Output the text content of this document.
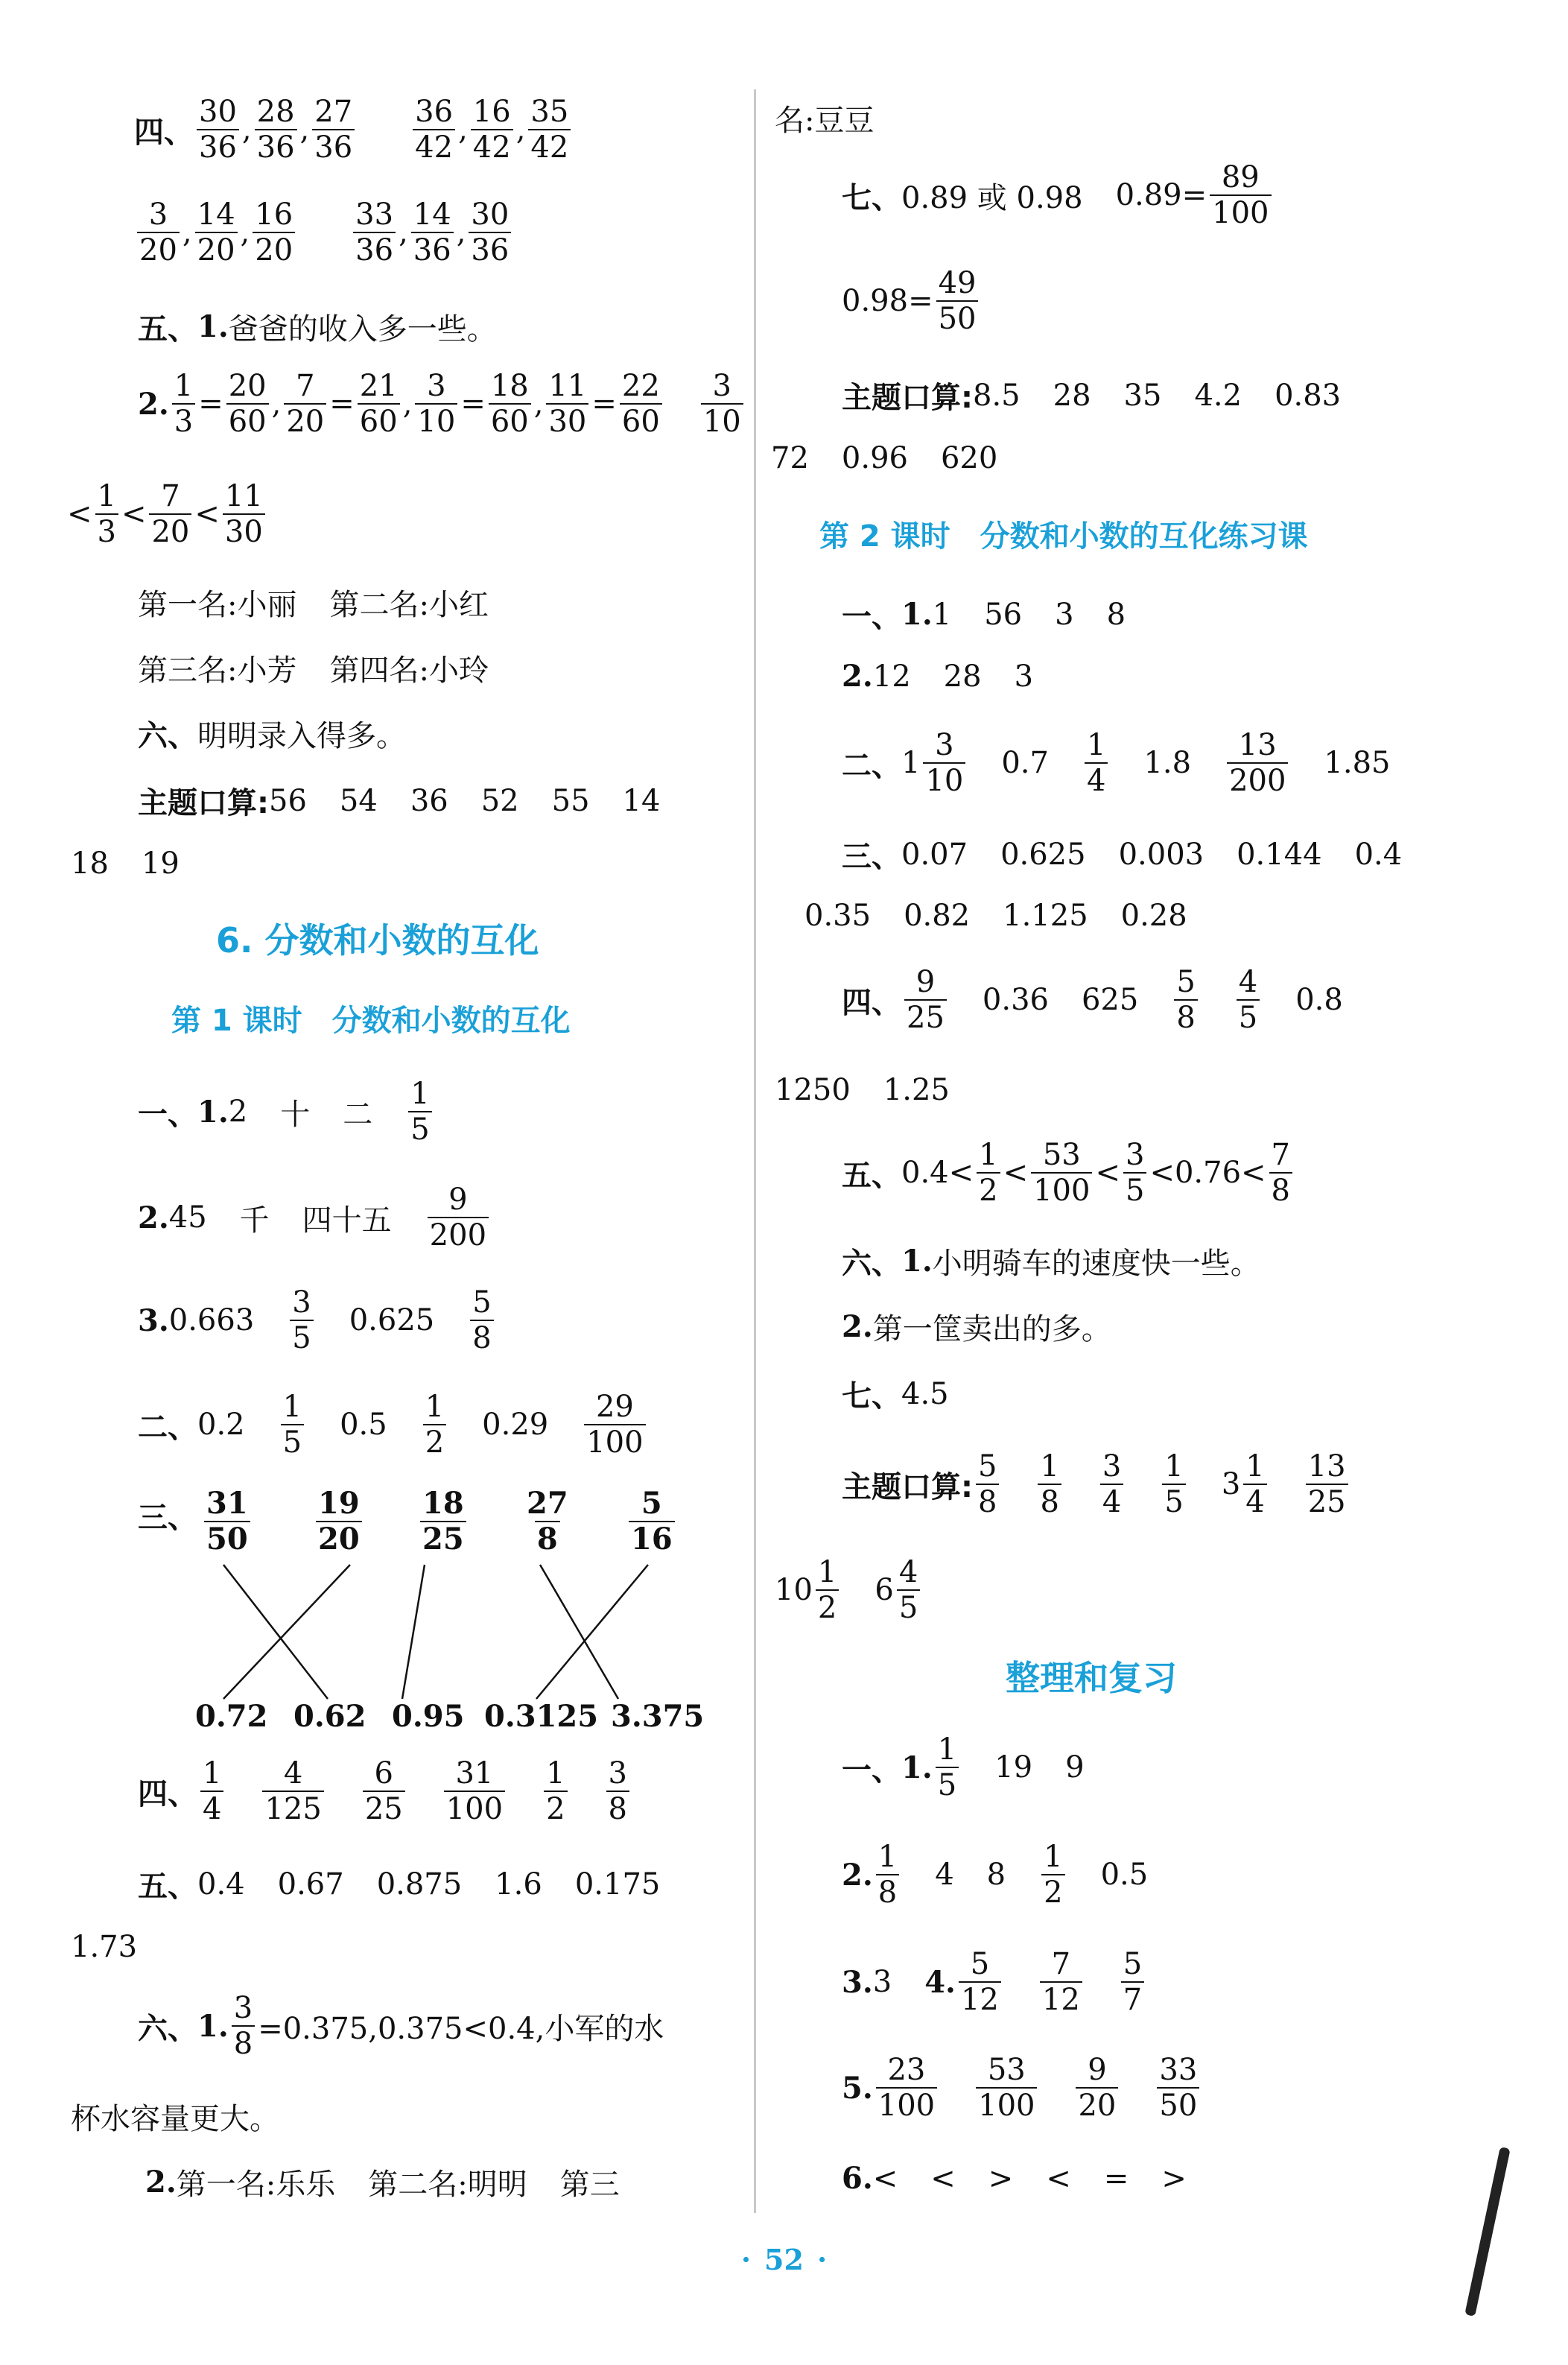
四、 $\frac{30}{36}$ , $\frac{28}{36}$ , $\frac{27}{36} \frac{36}{42}$ , $\frac{16}{42}$ , $\frac{35}{42}$
$\frac{3}{20}$ , $\frac{14}{20}$ , $\frac{16}{20} \frac{33}{36}$ , $\frac{14}{36}$ , $\frac{30}{36}$
五、 1. 爸爸的收入多一些。
2. $\frac{1}{3} = \frac{20}{60}$ , $\frac{7}{20} = \frac{21}{60}$ , $\frac{3}{10} = \frac{18}{60}$ , $\frac{11}{30} = \frac{22}{60} \frac{3}{10}$
< $\frac{1}{3} < \frac{7}{20} < \frac{11}{30}$
第一名:小丽 第二名:小红
第三名:小芳 第四名:小玲
六、 明明录入得多。
主题口算: 56 54 36 52 55 14
18 19
6. 分数和小数的互化
第 1 课时　分数和小数的互化
一、 1. 2 十 二 $\frac{1}{5}$
2. 45 千 四十五 $\frac{9}{200}$
3. $0.663 \frac{3}{5} 0.625 \frac{5}{8}$
二、 $0.2 \frac{1}{5} 0.5 \frac{1}{2} 0.29 \frac{29}{100}$
三、 $\frac{31}{50} \frac{19}{20} \frac{18}{25} \frac{27}{8} \frac{5}{16}$
0.72 0.62 0.95 0.3125 3.375
四、 $\frac{1}{4} \frac{4}{125} \frac{6}{25} \frac{31}{100} \frac{1}{2} \frac{3}{8}$
五、 0.4 0.67 0.875 1.6 0.175
1.73
六、 1. $\frac{3}{8} =0.375,0.375<0.4$,小军的水
杯水容量更大。
2. 第一名:乐乐 第二名:明明 第三
名:豆豆
七、 0.89 或 0.98 $0.89= \frac{89}{100}$
$0.98= \frac{49}{50}$
主题口算: 8.5 28 35 4.2 0.83
72 0.96 620
第 2 课时　分数和小数的互化练习课
一、 1. 1 56 3 8
2. 12 28 3
二、 $1 \frac{3}{10} 0.7 \frac{1}{4} 1.8 \frac{13}{200} 1.85$
三、 0.07 0.625 0.003 0.144 0.4
0.35 0.82 1.125 0.28
四、 $\frac{9}{25} 0.36$ $625 \frac{5}{8} \frac{4}{5} 0.8$
1250 1.25
五、 $0.4< \frac{1}{2} < \frac{53}{100} < \frac{3}{5} <0.76< \frac{7}{8}$
六、 1. 小明骑车的速度快一些。
2. 第一筐卖出的多。
七、 4.5
主题口算: $\frac{5}{8} \frac{1}{8} \frac{3}{4} \frac{1}{5} 3 \frac{1}{4} \frac{13}{25}$
$10 \frac{1}{2} 6 \frac{4}{5}$
整理和复习
一、 1. $\frac{1}{5} 19$ 9
2. $\frac{1}{8} 4$ $8 \frac{1}{2} 0.5$
3. 3 4. $\frac{5}{12} \frac{7}{12} \frac{5}{7}$
5. $\frac{23}{100} \frac{53}{100} \frac{9}{20} \frac{33}{50}$
6. < < > < = >
· 52 ·
